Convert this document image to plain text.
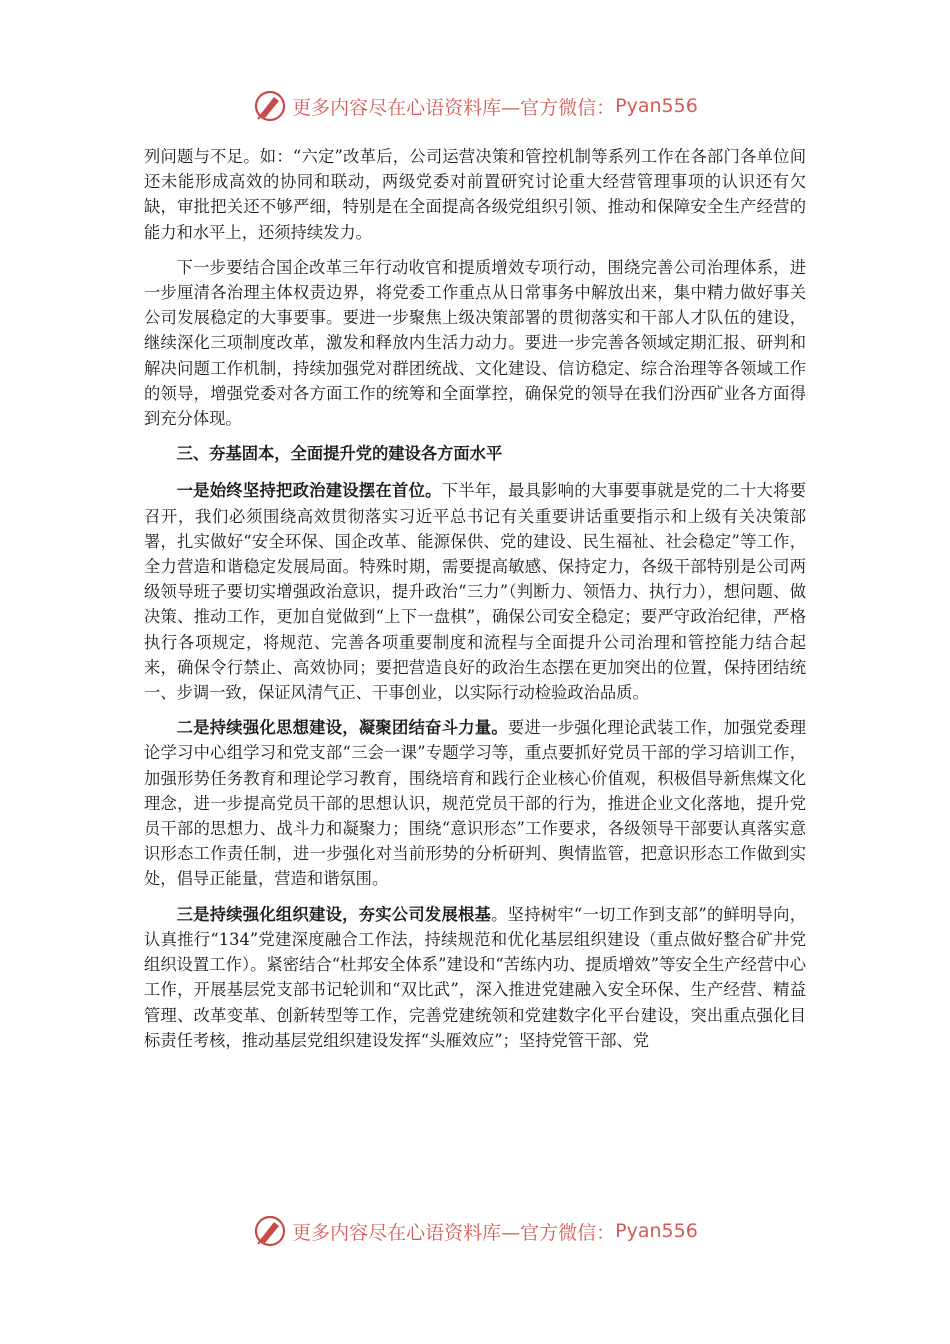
更多内容尽在心语资料库—官方微信： Pyan556

列问题与不足。如：“六定”改革后，公司运营决策和管控机制等系列工作在各部门各单位间还未能形成高效的协同和联动，两级党委对前置研究讨论重大经营管理事项的认识还有欠缺，审批把关还不够严细，特别是在全面提高各级党组织引领、推动和保障安全生产经营的能力和水平上，还须持续发力。

下一步要结合国企改革三年行动收官和提质增效专项行动，围绕完善公司治理体系，进一步厘清各治理主体权责边界，将党委工作重点从日常事务中解放出来，集中精力做好事关公司发展稳定的大事要事。要进一步聚焦上级决策部署的贯彻落实和干部人才队伍的建设，继续深化三项制度改革，激发和释放内生活力动力。要进一步完善各领域定期汇报、研判和解决问题工作机制，持续加强党对群团统战、文化建设、信访稳定、综合治理等各领域工作的领导，增强党委对各方面工作的统筹和全面掌控，确保党的领导在我们汾西矿业各方面得到充分体现。

三、夯基固本，全面提升党的建设各方面水平

一是始终坚持把政治建设摆在首位。下半年，最具影响的大事要事就是党的二十大将要召开，我们必须围绕高效贯彻落实习近平总书记有关重要讲话重要指示和上级有关决策部署，扎实做好“安全环保、国企改革、能源保供、党的建设、民生福祉、社会稳定”等工作，全力营造和谐稳定发展局面。特殊时期，需要提高敏感、保持定力，各级干部特别是公司两级领导班子要切实增强政治意识，提升政治“三力”（判断力、领悟力、执行力），想问题、做决策、推动工作，更加自觉做到“上下一盘棋”，确保公司安全稳定；要严守政治纪律，严格执行各项规定，将规范、完善各项重要制度和流程与全面提升公司治理和管控能力结合起来，确保令行禁止、高效协同；要把营造良好的政治生态摆在更加突出的位置，保持团结统一、步调一致，保证风清气正、干事创业，以实际行动检验政治品质。

二是持续强化思想建设，凝聚团结奋斗力量。要进一步强化理论武装工作，加强党委理论学习中心组学习和党支部“三会一课”专题学习等，重点要抓好党员干部的学习培训工作，加强形势任务教育和理论学习教育，围绕培育和践行企业核心价值观，积极倡导新焦煤文化理念，进一步提高党员干部的思想认识，规范党员干部的行为，推进企业文化落地，提升党员干部的思想力、战斗力和凝聚力；围绕“意识形态”工作要求，各级领导干部要认真落实意识形态工作责任制，进一步强化对当前形势的分析研判、舆情监管，把意识形态工作做到实处，倡导正能量，营造和谐氛围。

三是持续强化组织建设，夯实公司发展根基。坚持树牢“一切工作到支部”的鲜明导向，认真推行“134”党建深度融合工作法，持续规范和优化基层组织建设（重点做好整合矿井党组织设置工作）。紧密结合“杜邦安全体系”建设和“苦练内功、提质增效”等安全生产经营中心工作，开展基层党支部书记轮训和“双比武”，深入推进党建融入安全环保、生产经营、精益管理、改革变革、创新转型等工作，完善党建统领和党建数字化平台建设，突出重点强化目标责任考核，推动基层党组织建设发挥“头雁效应”；坚持党管干部、党

更多内容尽在心语资料库—官方微信： Pyan556
